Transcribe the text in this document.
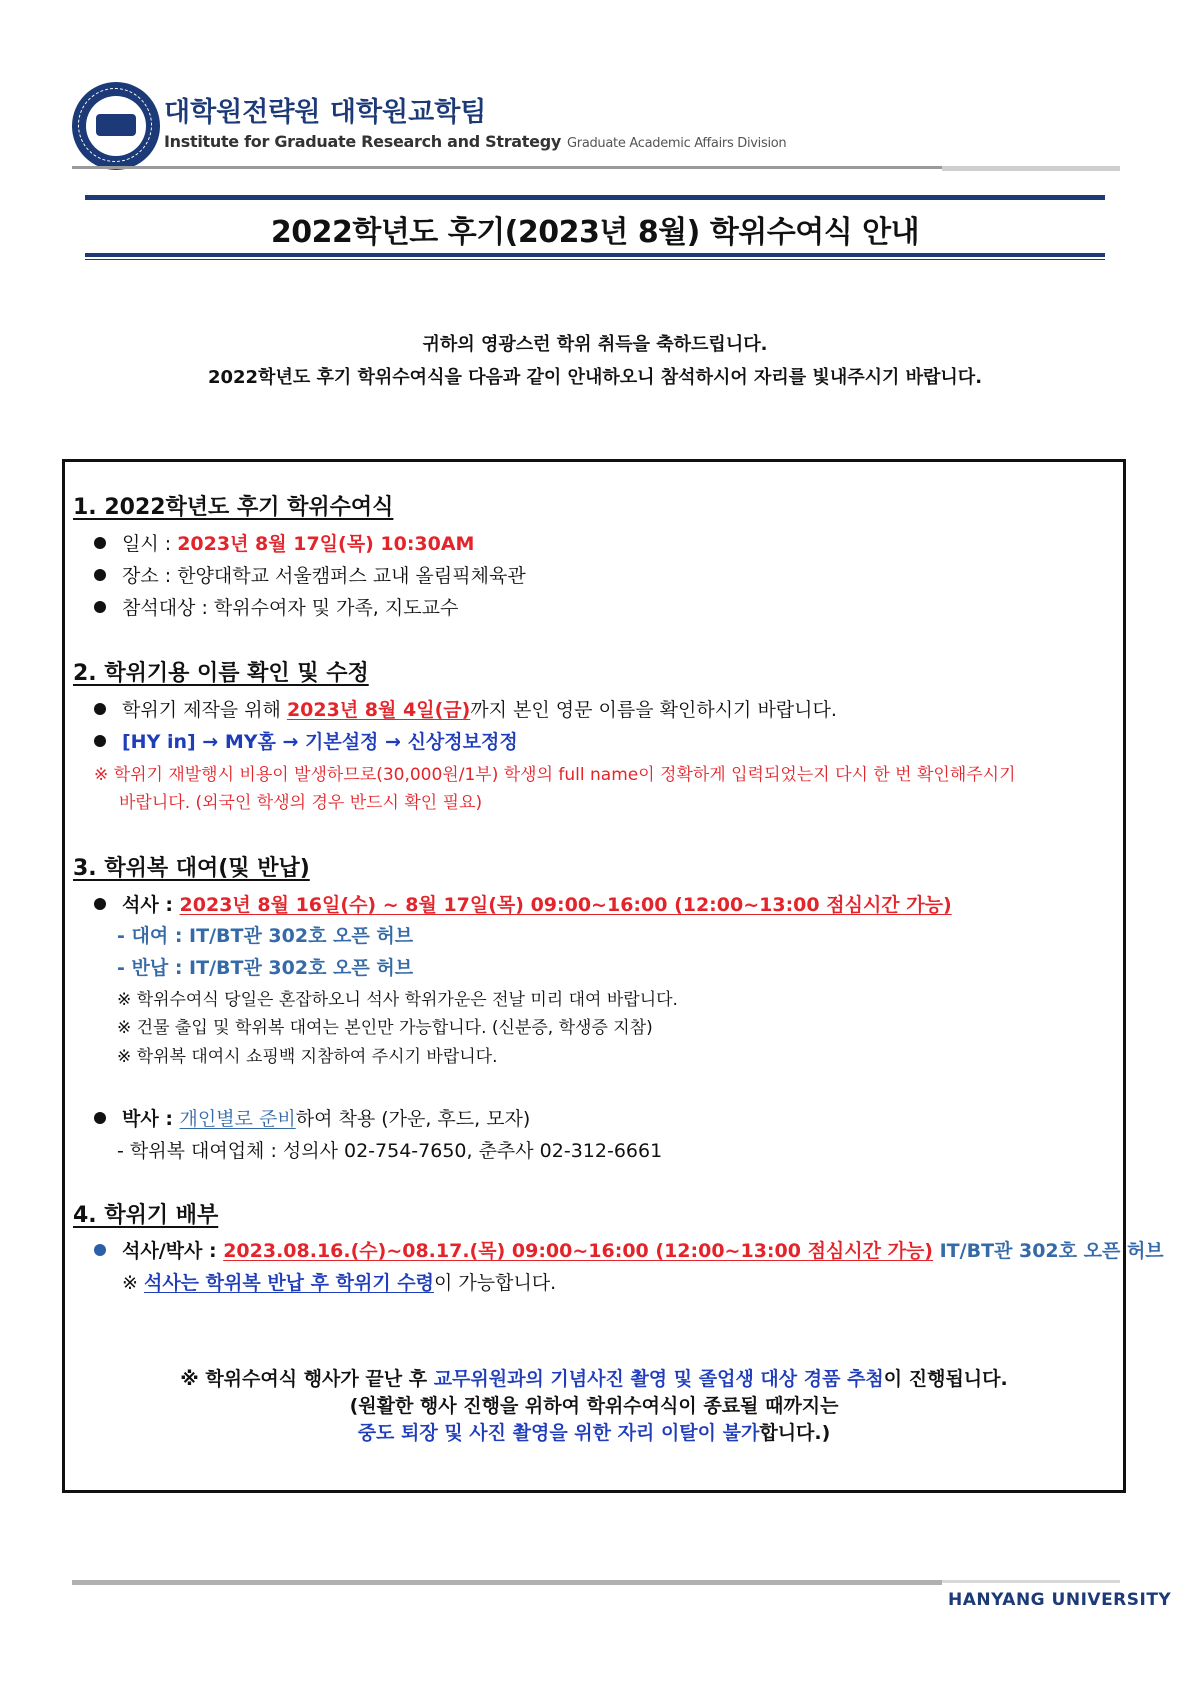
대학원전략원 대학원교학팀
Institute for Graduate Research and Strategy Graduate Academic Affairs Division
2022학년도 후기(2023년 8월) 학위수여식 안내
귀하의 영광스런 학위 취득을 축하드립니다.
2022학년도 후기 학위수여식을 다음과 같이 안내하오니 참석하시어 자리를 빛내주시기 바랍니다.
1. 2022학년도 후기 학위수여식
일시 : 2023년 8월 17일(목) 10:30AM
장소 : 한양대학교 서울캠퍼스 교내 올림픽체육관
참석대상 : 학위수여자 및 가족, 지도교수
2. 학위기용 이름 확인 및 수정
학위기 제작을 위해 2023년 8월 4일(금)까지 본인 영문 이름을 확인하시기 바랍니다.
[HY in] → MY홈 → 기본설정 → 신상정보정정
※ 학위기 재발행시 비용이 발생하므로(30,000원/1부) 학생의 full name이 정확하게 입력되었는지 다시 한 번 확인해주시기
바랍니다. (외국인 학생의 경우 반드시 확인 필요)
3. 학위복 대여(및 반납)
석사 : 2023년 8월 16일(수) ~ 8월 17일(목) 09:00~16:00 (12:00~13:00 점심시간 가능)
- 대여 : IT/BT관 302호 오픈 허브
- 반납 : IT/BT관 302호 오픈 허브
※ 학위수여식 당일은 혼잡하오니 석사 학위가운은 전날 미리 대여 바랍니다.
※ 건물 출입 및 학위복 대여는 본인만 가능합니다. (신분증, 학생증 지참)
※ 학위복 대여시 쇼핑백 지참하여 주시기 바랍니다.
박사 : 개인별로 준비하여 착용 (가운, 후드, 모자)
- 학위복 대여업체 : 성의사 02-754-7650, 춘추사 02-312-6661
4. 학위기 배부
석사/박사 : 2023.08.16.(수)~08.17.(목) 09:00~16:00 (12:00~13:00 점심시간 가능) IT/BT관 302호 오픈 허브
※ 석사는 학위복 반납 후 학위기 수령이 가능합니다.
※ 학위수여식 행사가 끝난 후 교무위원과의 기념사진 촬영 및 졸업생 대상 경품 추첨이 진행됩니다.
(원활한 행사 진행을 위하여 학위수여식이 종료될 때까지는
중도 퇴장 및 사진 촬영을 위한 자리 이탈이 불가합니다.)
HANYANG UNIVERSITY
